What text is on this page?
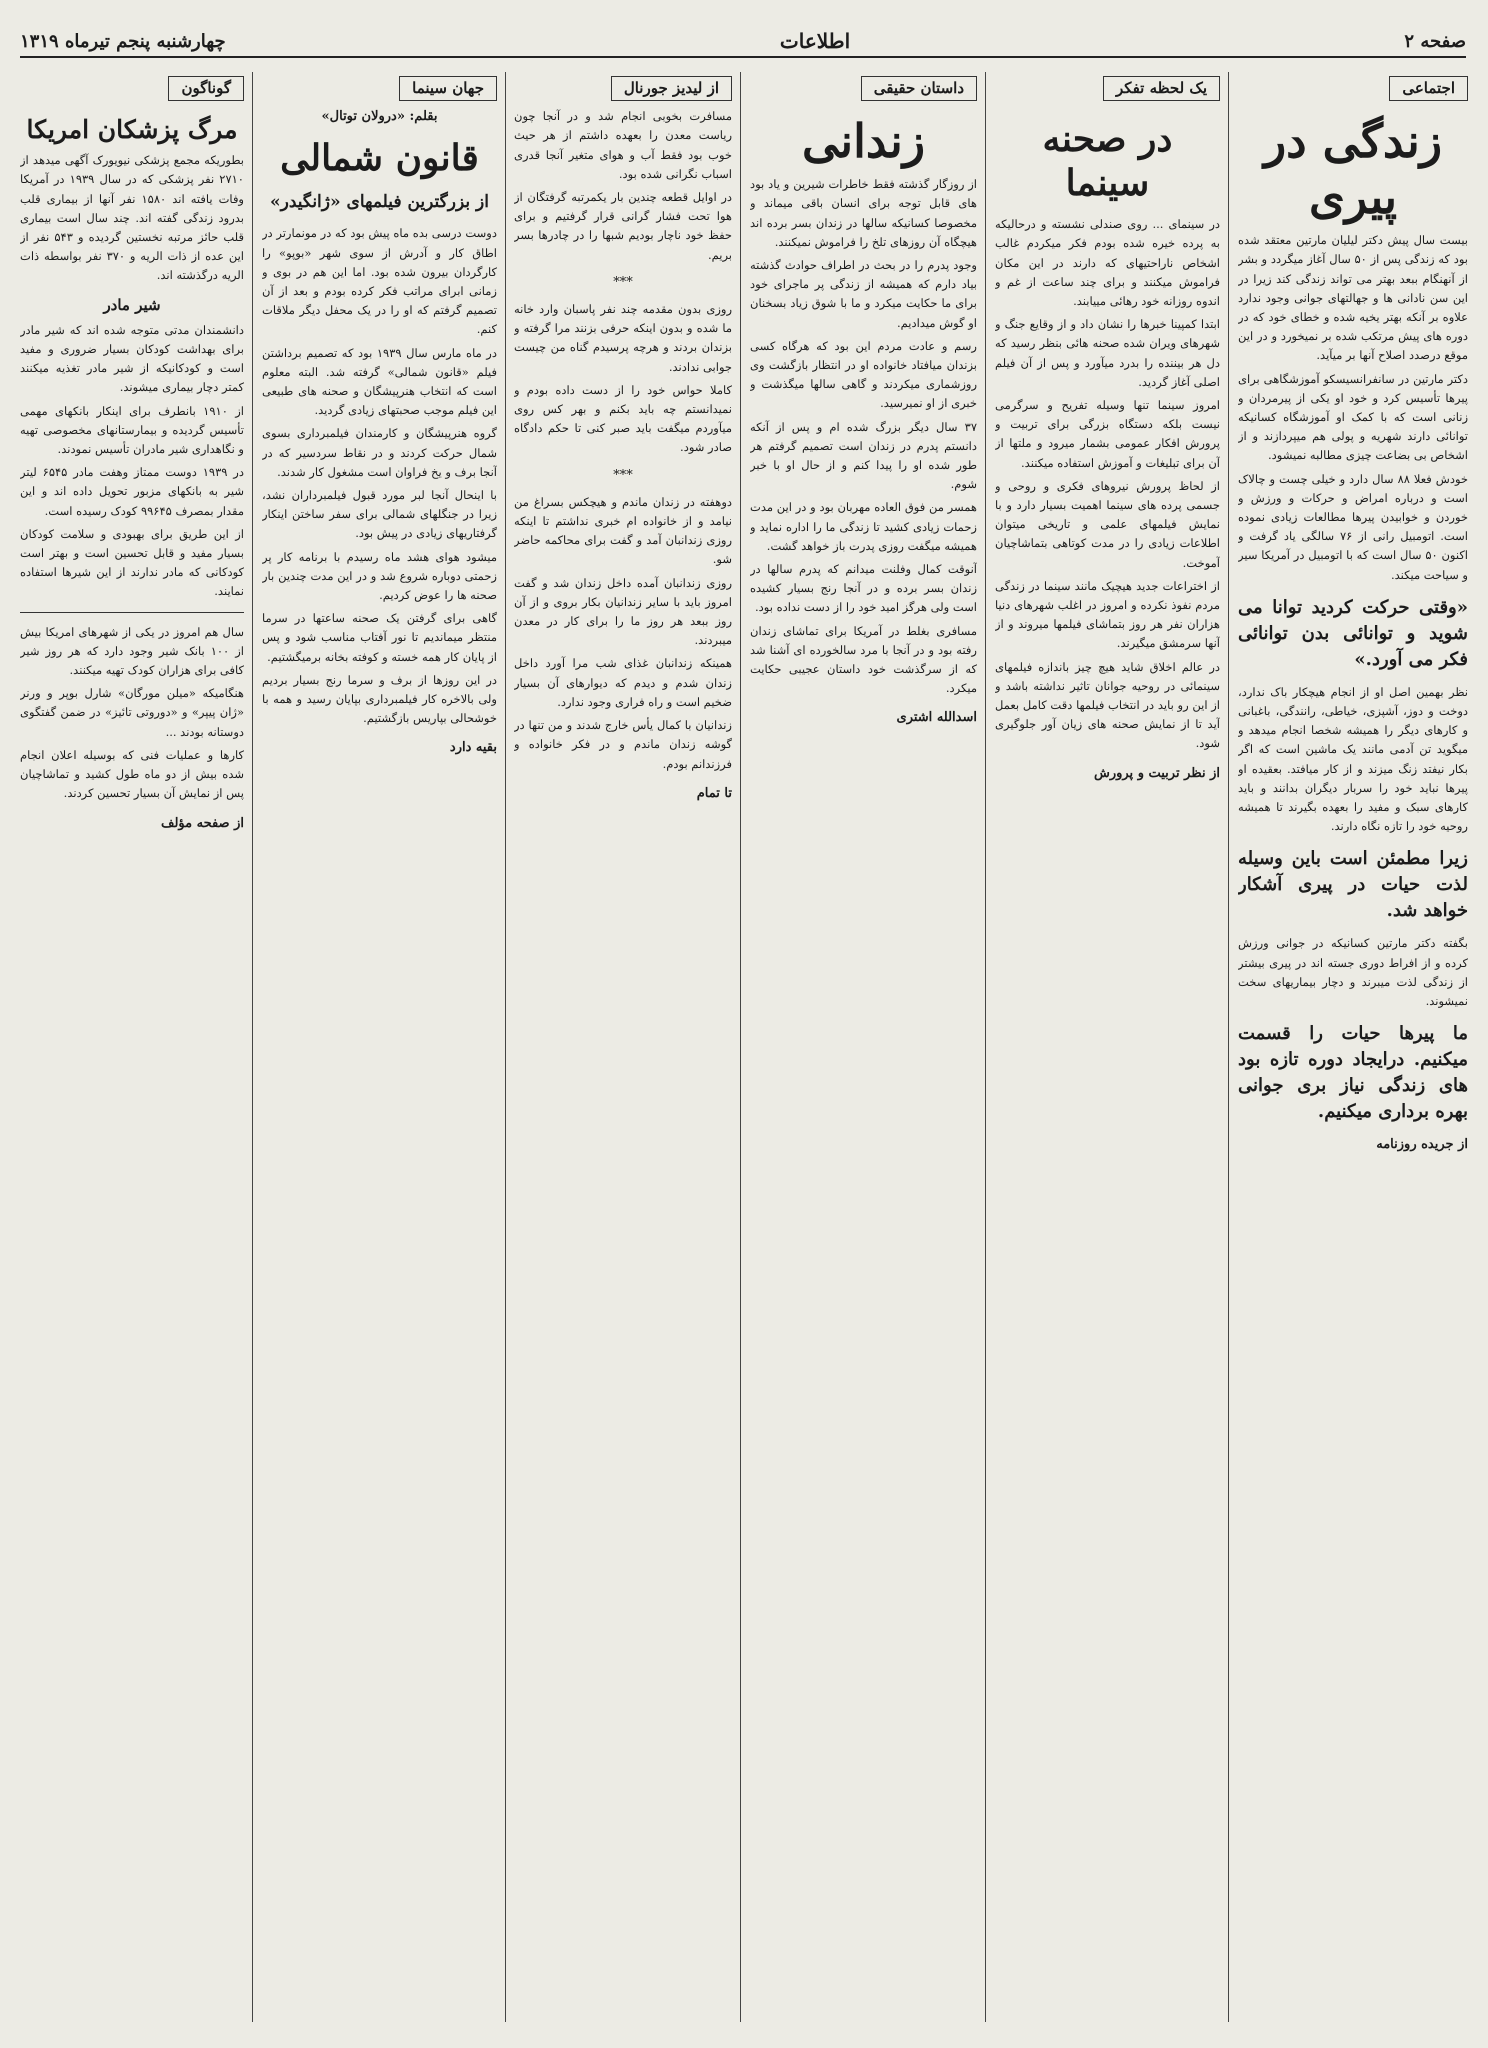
صفحه ۲
اطلاعات
چهارشنبه پنجم تیرماه ۱۳۱۹
اجتماعی
زندگی در پیری

بیست سال پیش دکتر لیلیان مارتین معتقد شده بود که زندگی پس از ۵۰ سال آغاز میگردد و بشر از آنهنگام ببعد بهتر می تواند زندگی کند زیرا در این سن نادانی ها و جهالتهای جوانی وجود ندارد علاوه بر آنکه بهتر یخیه شده و خطای خود که در دوره های پیش مرتکب شده بر نمیخورد و در این موقع درصدد اصلاح آنها بر میآید.

دکتر مارتین در سانفرانسیسکو آموزشگاهی برای پیرها تأسیس کرد و خود او یکی از پیرمردان و زنانی است که با کمک او آموزشگاه کسانیکه توانائی دارند شهریه و پولی هم میپردازند و از اشخاص بی بضاعت چیزی مطالبه نمیشود.

خودش فعلا ۸۸ سال دارد و خیلی چست و چالاک است و درباره امراض و حرکات و ورزش و خوردن و خوابیدن پیرها مطالعات زیادی نموده است. اتومبیل رانی از ۷۶ سالگی یاد گرفت و اکنون ۵۰ سال است که با اتومبیل در آمریکا سیر و سیاحت میکند.

«وقتی حرکت کردید توانا می شوید و توانائی بدن توانائی فکر می آورد.»

نظر بهمین اصل او از انجام هیچکار باک ندارد، دوخت و دوز، آشپزی، خیاطی، رانندگی، باغبانی و کارهای دیگر را همیشه شخصا انجام میدهد و میگوید تن آدمی مانند یک ماشین است که اگر بکار نیفتد زنگ میزند و از کار میافتد. بعقیده او پیرها نباید خود را سربار دیگران بدانند و باید کارهای سبک و مفید را بعهده بگیرند تا همیشه روحیه خود را تازه نگاه دارند.

زیرا مطمئن است باین وسیله لذت حیات در پیری آشکار خواهد شد.

بگفته دکتر مارتین کسانیکه در جوانی ورزش کرده و از افراط دوری جسته اند در پیری بیشتر از زندگی لذت میبرند و دچار بیماریهای سخت نمیشوند.

ما پیرها حیات را قسمت میکنیم. درایجاد دوره تازه بود های زندگی نیاز بری جوانی بهره برداری میکنیم.
از جریده روزنامه
یک لحظه تفکر
در صحنه سینما

در سینمای ... روی صندلی نشسته و درحالیکه به پرده خیره شده بودم فکر میکردم غالب اشخاص ناراحتیهای که دارند در این مکان فراموش میکنند و برای چند ساعت از غم و اندوه روزانه خود رهائی مییابند.

ابتدا کمپینا خبرها را نشان داد و از وقایع جنگ و شهرهای ویران شده صحنه هائی بنظر رسید که دل هر بیننده را بدرد میآورد و پس از آن فیلم اصلی آغاز گردید.

امروز سینما تنها وسیله تفریح و سرگرمی نیست بلکه دستگاه بزرگی برای تربیت و پرورش افکار عمومی بشمار میرود و ملتها از آن برای تبلیغات و آموزش استفاده میکنند.

از لحاظ پرورش نیروهای فکری و روحی و جسمی پرده های سینما اهمیت بسیار دارد و با نمایش فیلمهای علمی و تاریخی میتوان اطلاعات زیادی را در مدت کوتاهی بتماشاچیان آموخت.

از اختراعات جدید هیچیک مانند سینما در زندگی مردم نفوذ نکرده و امروز در اغلب شهرهای دنیا هزاران نفر هر روز بتماشای فیلمها میروند و از آنها سرمشق میگیرند.

در عالم اخلاق شاید هیچ چیز باندازه فیلمهای سینمائی در روحیه جوانان تاثیر نداشته باشد و از این رو باید در انتخاب فیلمها دقت کامل بعمل آید تا از نمایش صحنه های زیان آور جلوگیری شود.

از نظر تربیت و پرورش
داستان حقیقی
زندانی

از روزگار گذشته فقط خاطرات شیرین و یاد بود های قابل توجه برای انسان باقی میماند و مخصوصا کسانیکه سالها در زندان بسر برده اند هیچگاه آن روزهای تلخ را فراموش نمیکنند.

وجود پدرم را در بحث در اطراف حوادث گذشته بیاد دارم که همیشه از زندگی پر ماجرای خود برای ما حکایت میکرد و ما با شوق زیاد بسخنان او گوش میدادیم.

رسم و عادت مردم این بود که هرگاه کسی بزندان میافتاد خانواده او در انتظار بازگشت وی روزشماری میکردند و گاهی سالها میگذشت و خبری از او نمیرسید.

۳۷ سال دیگر بزرگ شده ام و پس از آنکه دانستم پدرم در زندان است تصمیم گرفتم هر طور شده او را پیدا کنم و از حال او با خبر شوم.

همسر من فوق العاده مهربان بود و در این مدت زحمات زیادی کشید تا زندگی ما را اداره نماید و همیشه میگفت روزی پدرت باز خواهد گشت.

آنوقت کمال وفلنت میدانم که پدرم سالها در زندان بسر برده و در آنجا رنج بسیار کشیده است ولی هرگز امید خود را از دست نداده بود.

مسافری بغلط در آمریکا برای تماشای زندان رفته بود و در آنجا با مرد سالخورده ای آشنا شد که از سرگذشت خود داستان عجیبی حکایت میکرد.

اسدالله اشتری
از لیدیز جورنال

مسافرت بخوبی انجام شد و در آنجا چون ریاست معدن را بعهده داشتم از هر حیث خوب بود فقط آب و هوای متغیر آنجا قدری اسباب نگرانی شده بود.

در اوایل قطعه چندین بار یکمرتبه گرفتگان از هوا تحت فشار گرانی قرار گرفتیم و برای حفظ خود ناچار بودیم شبها را در چادرها بسر بریم.

***

روزی بدون مقدمه چند نفر پاسبان وارد خانه ما شده و بدون اینکه حرفی بزنند مرا گرفته و بزندان بردند و هرچه پرسیدم گناه من چیست جوابی ندادند.

کاملا حواس خود را از دست داده بودم و نمیدانستم چه باید بکنم و بهر کس روی میآوردم میگفت باید صبر کنی تا حکم دادگاه صادر شود.

***

دوهفته در زندان ماندم و هیچکس بسراغ من نیامد و از خانواده ام خبری نداشتم تا اینکه روزی زندانبان آمد و گفت برای محاکمه حاضر شو.

روزی زندانبان آمده داخل زندان شد و گفت امروز باید با سایر زندانیان بکار بروی و از آن روز ببعد هر روز ما را برای کار در معدن میبردند.

همینکه زندانبان غذای شب مرا آورد داخل زندان شدم و دیدم که دیوارهای آن بسیار ضخیم است و راه فراری وجود ندارد.

زندانیان با کمال یأس خارج شدند و من تنها در گوشه زندان ماندم و در فکر خانواده و فرزندانم بودم.

تا تمام
جهان سینما
بقلم: «درولان توتال»
قانون شمالی
از بزرگترین فیلمهای «ژانگیدر»

دوست درسی بده ماه پیش بود که در مونمارتر در اطاق کار و آدرش از سوی شهر «بوپو» را کارگردان بیرون شده بود. اما این هم در بوی و زمانی ابرای مراتب فکر کرده بودم و بعد از آن تصمیم گرفتم که او را در یک محفل دیگر ملاقات کنم.

در ماه مارس سال ۱۹۳۹ بود که تصمیم برداشتن فیلم «قانون شمالی» گرفته شد. البته معلوم است که انتخاب هنرپیشگان و صحنه های طبیعی این فیلم موجب صحبتهای زیادی گردید.

گروه هنرپیشگان و کارمندان فیلمبرداری بسوی شمال حرکت کردند و در نقاط سردسیر که در آنجا برف و یخ فراوان است مشغول کار شدند.

با اینحال آنجا لبر مورد قبول فیلمبرداران نشد، زیرا در جنگلهای شمالی برای سفر ساختن اینکار گرفتاریهای زیادی در پیش بود.

میشود هوای هشد ماه رسیدم با برنامه کار پر زحمتی دوباره شروع شد و در این مدت چندین بار صحنه ها را عوض کردیم.

گاهی برای گرفتن یک صحنه ساعتها در سرما منتظر میماندیم تا نور آفتاب مناسب شود و پس از پایان کار همه خسته و کوفته بخانه برمیگشتیم.

در این روزها از برف و سرما رنج بسیار بردیم ولی بالاخره کار فیلمبرداری بپایان رسید و همه با خوشحالی بپاریس بازگشتیم.

بقیه دارد
گوناگون
مرگ پزشکان امریکا

بطوریکه مجمع پزشکی نیویورک آگهی میدهد از ۲۷۱۰ نفر پزشکی که در سال ۱۹۳۹ در آمریکا وفات یافته اند ۱۵۸۰ نفر آنها از بیماری قلب بدرود زندگی گفته اند. چند سال است بیماری قلب حائز مرتبه نخستین گردیده و ۵۴۳ نفر از این عده از ذات الریه و ۳۷۰ نفر بواسطه ذات الریه درگذشته اند.

شیر مادر

دانشمندان مدتی متوجه شده اند که شیر مادر برای بهداشت کودکان بسیار ضروری و مفید است و کودکانیکه از شیر مادر تغذیه میکنند کمتر دچار بیماری میشوند.

از ۱۹۱۰ بانطرف برای اینکار بانکهای مهمی تأسیس گردیده و بیمارستانهای مخصوصی تهیه و نگاهداری شیر مادران تأسیس نمودند.

در ۱۹۳۹ دوست ممتاز وهفت مادر ۶۵۴۵ لیتر شیر به بانکهای مزبور تحویل داده اند و این مقدار بمصرف ۹۹۶۴۵ کودک رسیده است.

از این طریق برای بهبودی و سلامت کودکان بسیار مفید و قابل تحسین است و بهتر است کودکانی که مادر ندارند از این شیرها استفاده نمایند.

سال هم امروز در یکی از شهرهای امریکا بیش از ۱۰۰ بانک شیر وجود دارد که هر روز شیر کافی برای هزاران کودک تهیه میکنند.

هنگامیکه «میلن مورگان» شارل بوپر و ورنر «ژان پیپر» و «دوروتی تائیز» در ضمن گفتگوی دوستانه بودند ...

کارها و عملیات فنی که بوسیله اعلان انجام شده بیش از دو ماه طول کشید و تماشاچیان پس از نمایش آن بسیار تحسین کردند.

از صفحه مؤلف
